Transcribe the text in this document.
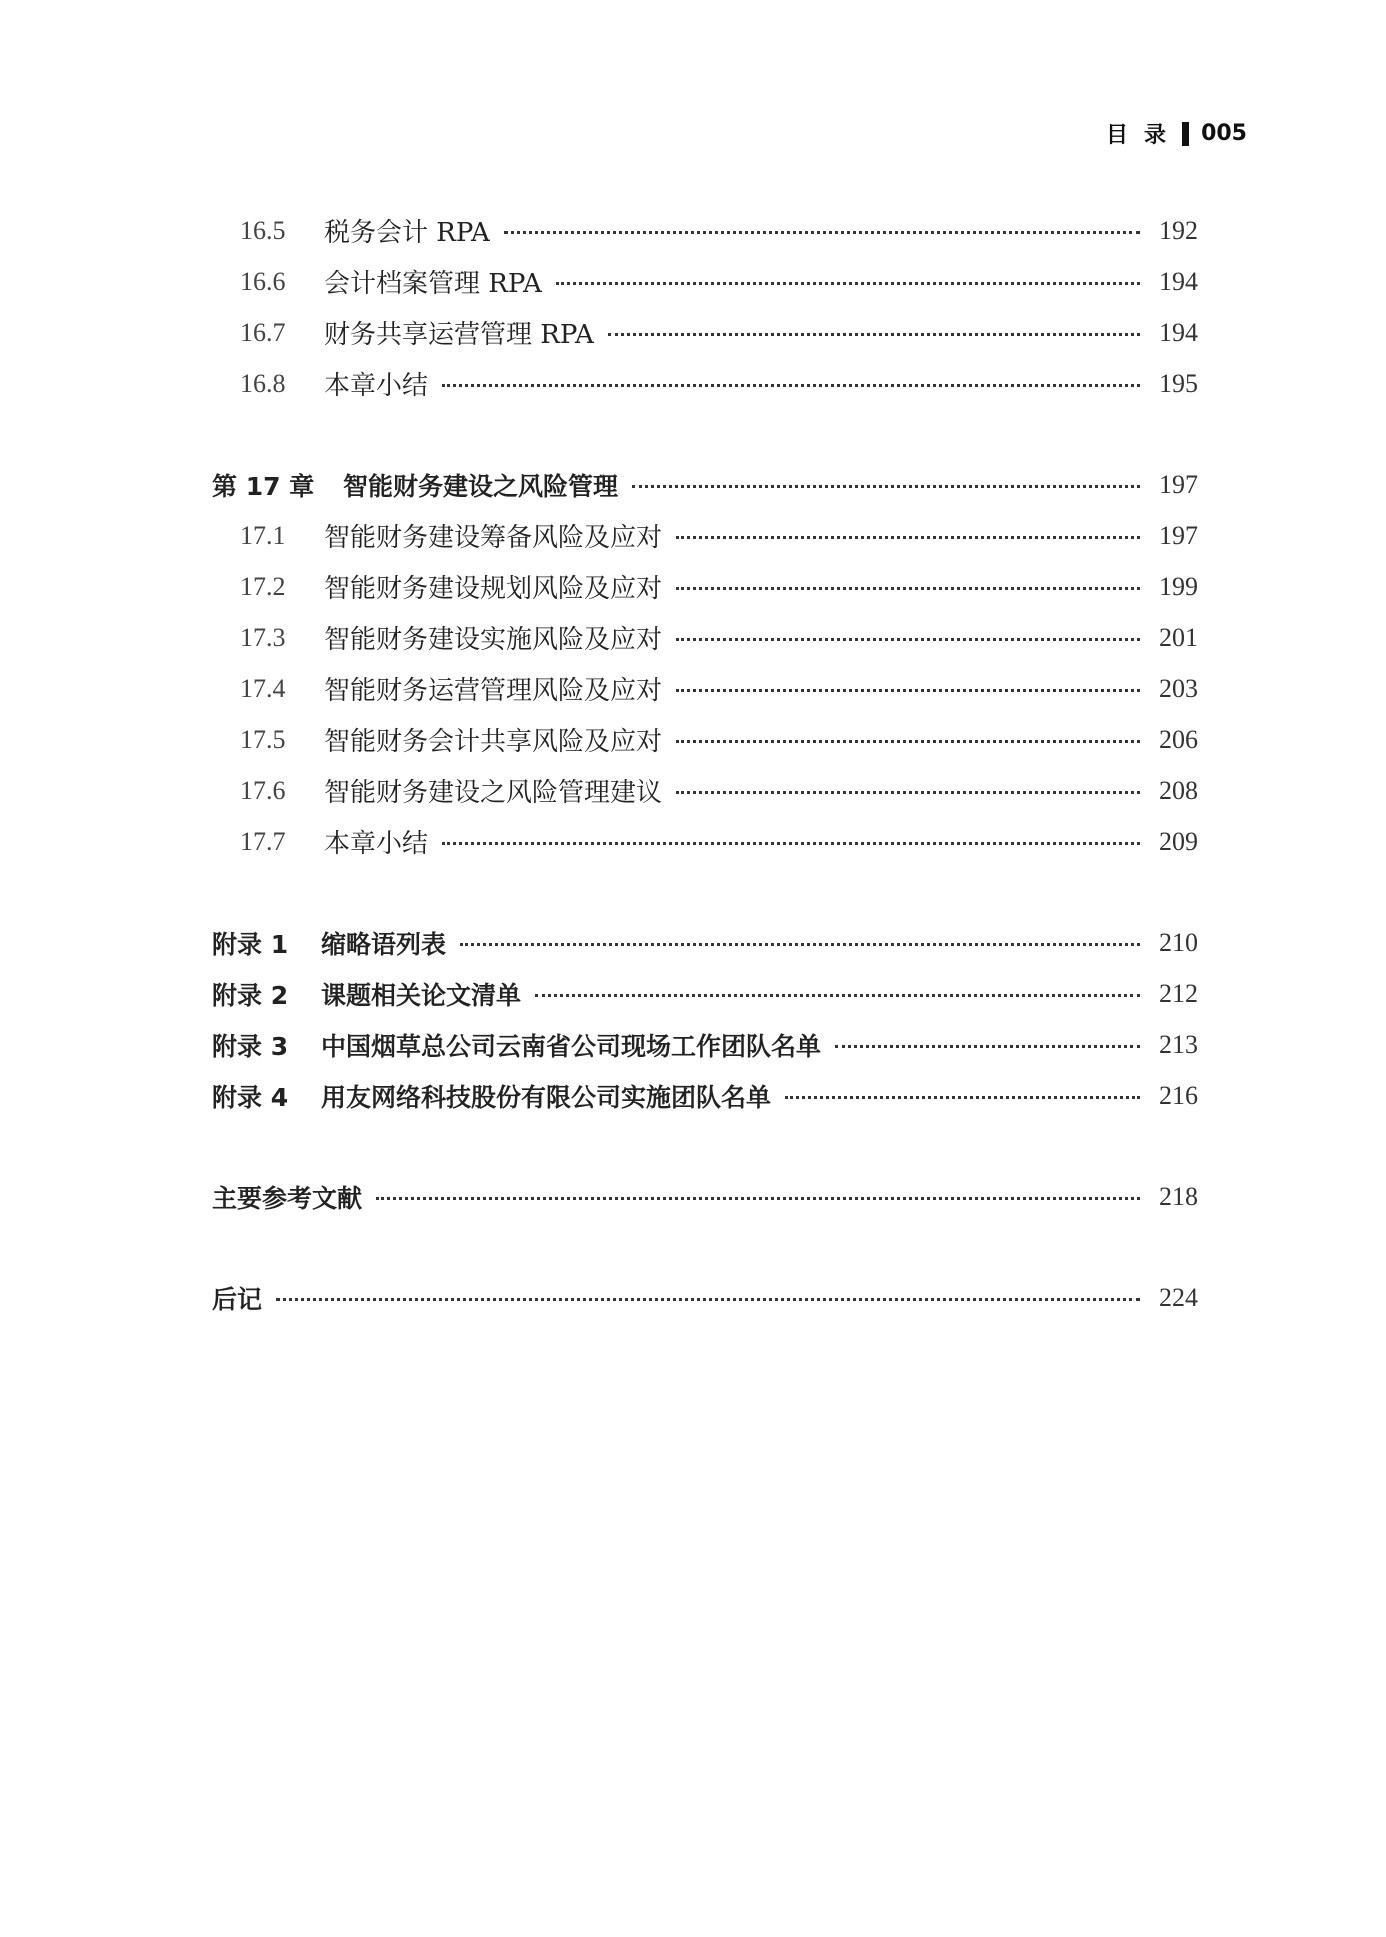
目录 005
16.5	税务会计 RPA	192
16.6	会计档案管理 RPA	194
16.7	财务共享运营管理 RPA	194
16.8	本章小结	195
第 17 章	智能财务建设之风险管理	197
17.1	智能财务建设筹备风险及应对	197
17.2	智能财务建设规划风险及应对	199
17.3	智能财务建设实施风险及应对	201
17.4	智能财务运营管理风险及应对	203
17.5	智能财务会计共享风险及应对	206
17.6	智能财务建设之风险管理建议	208
17.7	本章小结	209
附录 1	缩略语列表	210
附录 2	课题相关论文清单	212
附录 3	中国烟草总公司云南省公司现场工作团队名单	213
附录 4	用友网络科技股份有限公司实施团队名单	216
主要参考文献	218
后记	224
